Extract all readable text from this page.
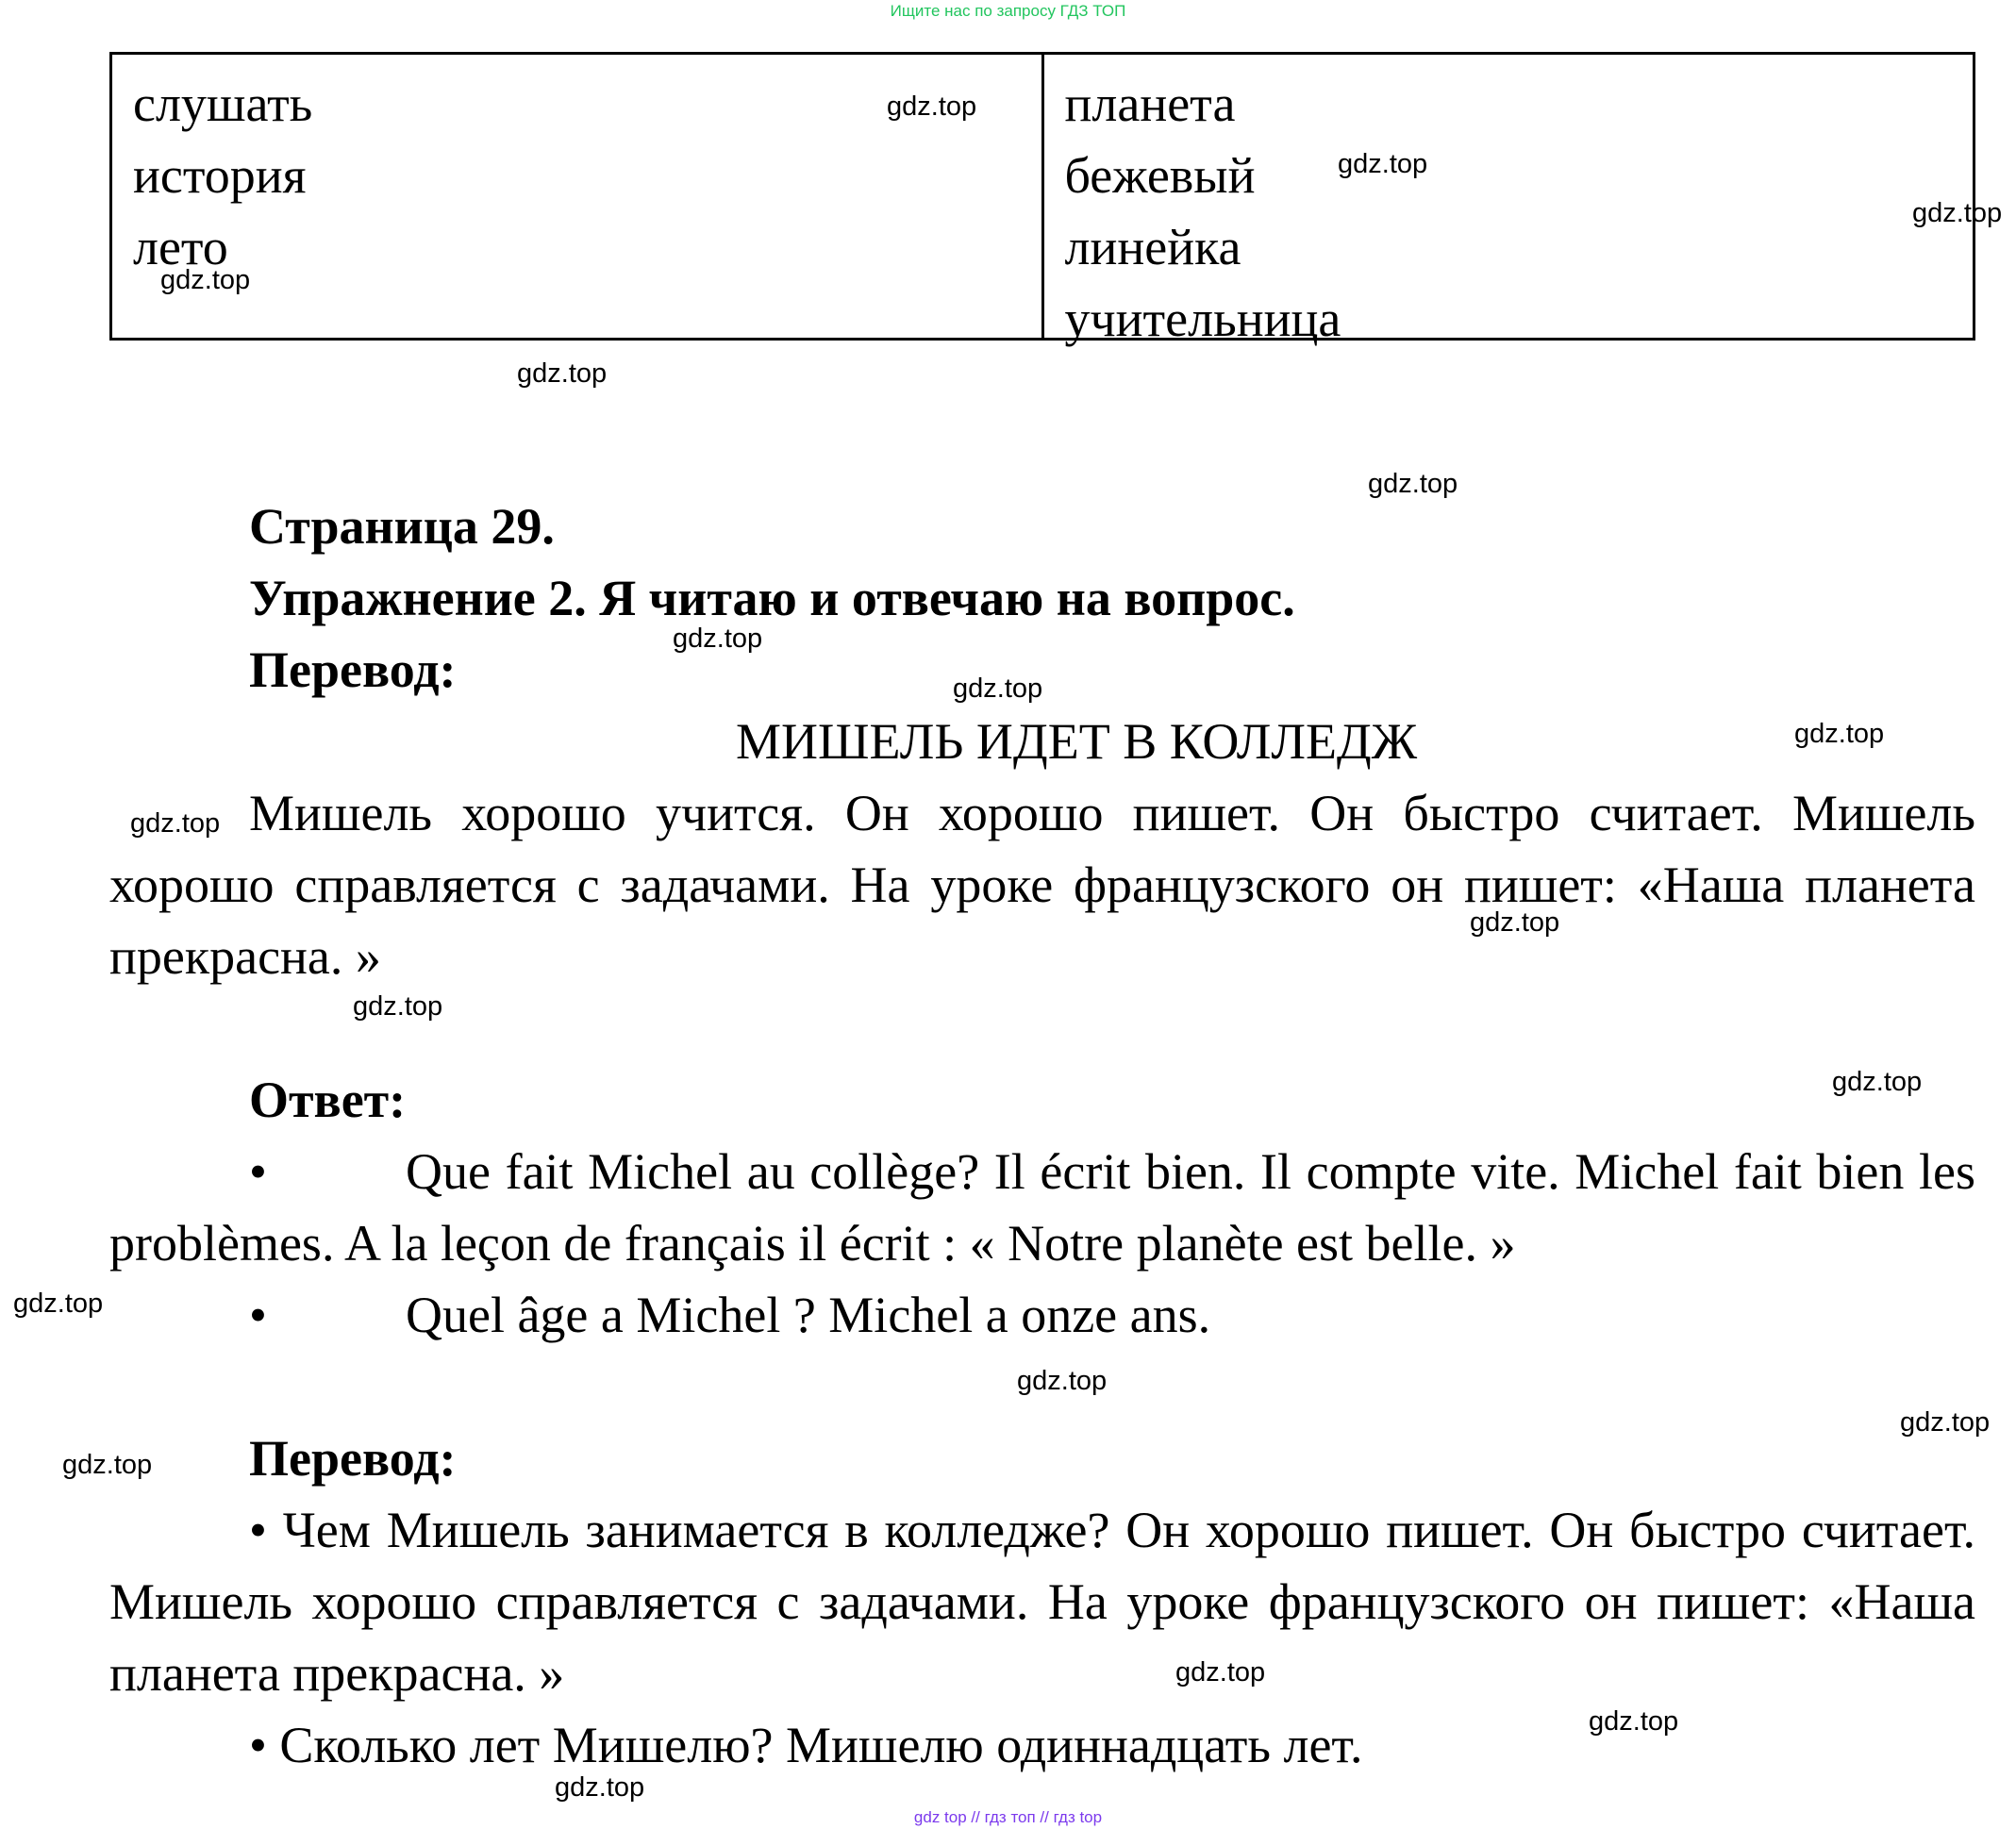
Ищите нас по запросу ГДЗ ТОП
слушать
история
лето
планета
бежевый
линейка
учительница
Страница 29.
Упражнение 2. Я читаю и отвечаю на вопрос.
Перевод:
МИШЕЛЬ ИДЕТ В КОЛЛЕДЖ

Мишель хорошо учится. Он хорошо пишет. Он быстро считает. Мишель хорошо справляется с задачами. На уроке французского он пишет: «Наша планета прекрасна. »

Ответ:
•	Que fait Michel au collège? Il écrit bien. Il compte vite. Michel fait bien les problèmes. A la leçon de français il écrit : « Notre planète est belle. »

•	Quel âge a Michel ? Michel a onze ans.
Перевод:

• Чем Мишель занимается в колледже? Он хорошо пишет. Он быстро считает. Мишель хорошо справляется с задачами. На уроке французского он пишет: «Наша планета прекрасна. »

• Сколько лет Мишелю? Мишелю одиннадцать лет.
gdz.top
gdz.top
gdz.top
gdz.top
gdz.top
gdz.top
gdz.top
gdz.top
gdz.top
gdz.top
gdz.top
gdz.top
gdz.top
gdz.top
gdz.top
gdz.top
gdz.top
gdz.top
gdz.top
gdz.top
gdz top // гдз топ // гдз top
